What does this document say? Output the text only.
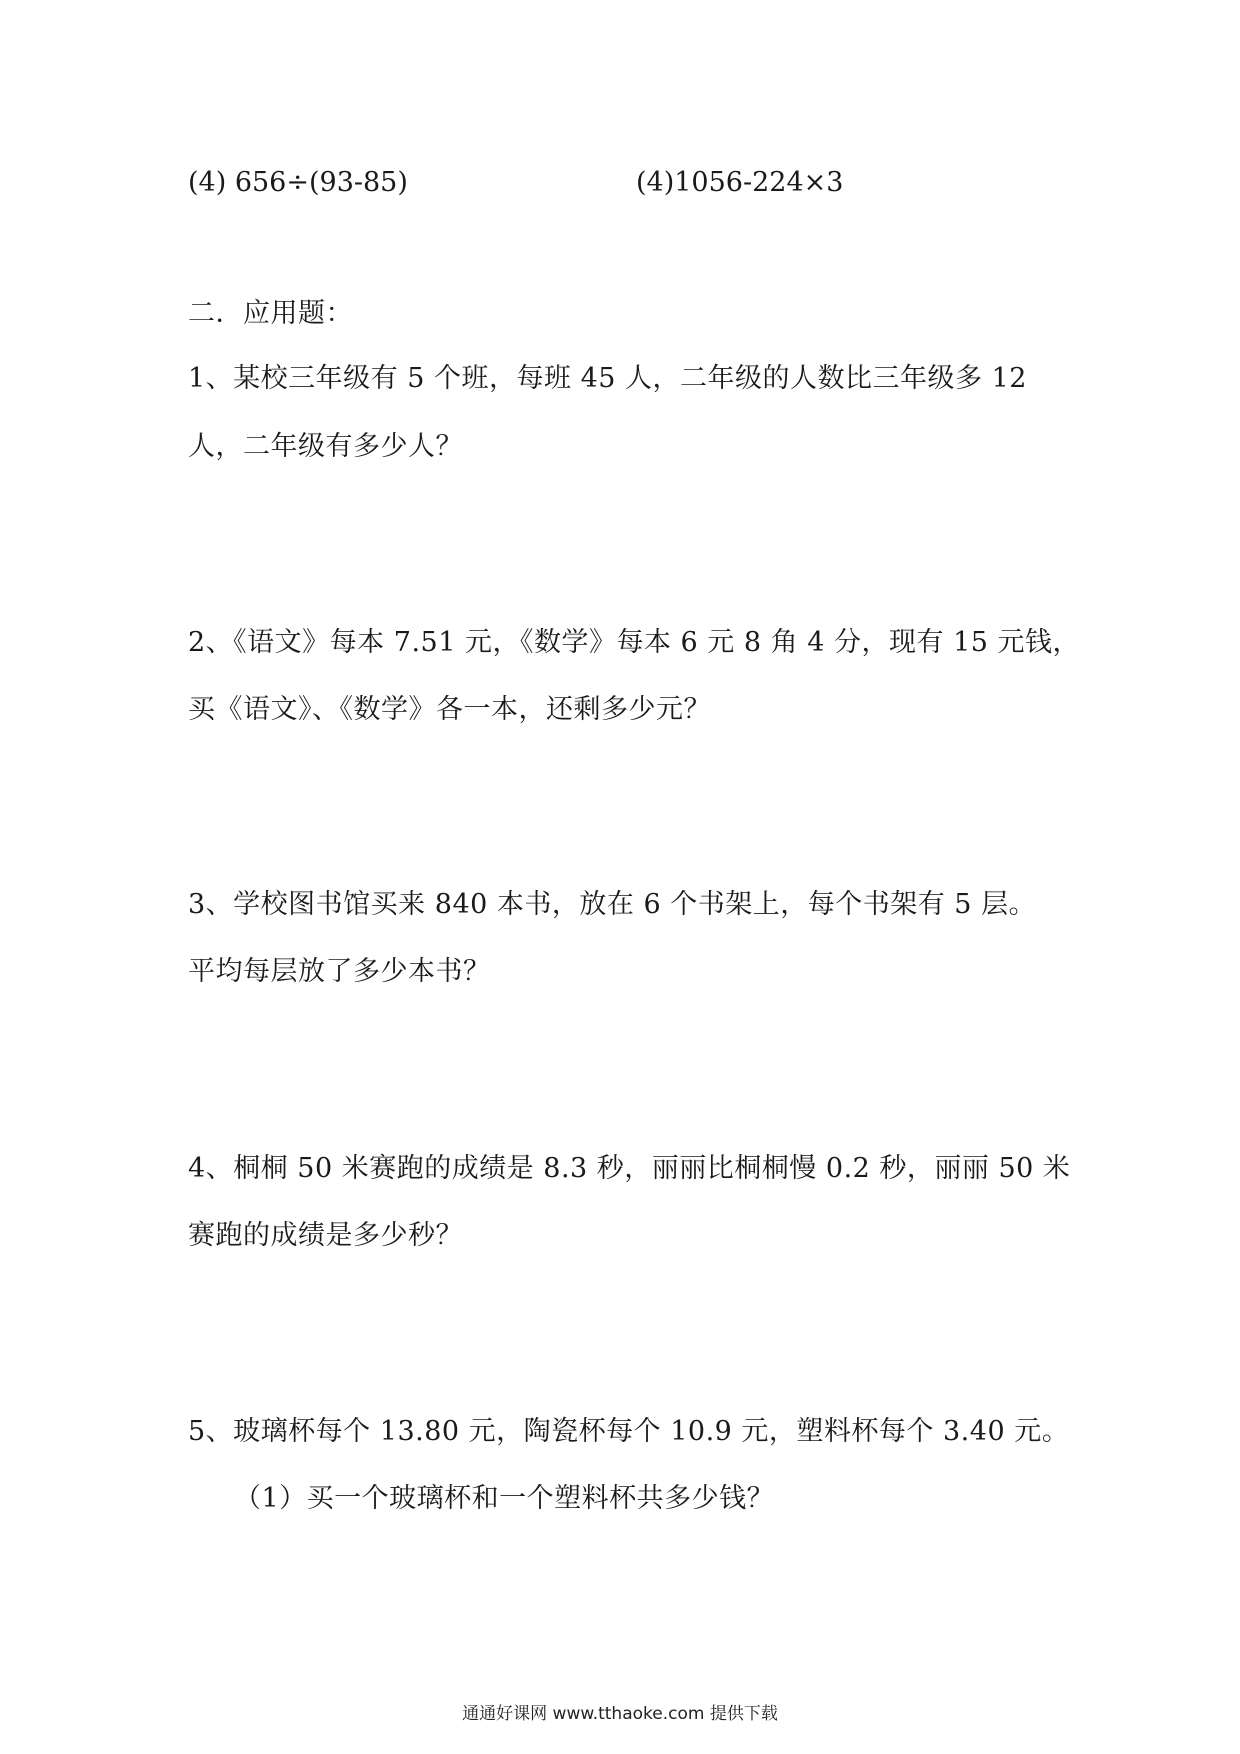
(4) 656÷(93-85)	(4)1056-224×3
二．应用题：
1、某校三年级有 5 个班，每班 45 人，二年级的人数比三年级多 12
人，二年级有多少人？
2、《语文》每本 7.51 元，《数学》每本 6 元 8 角 4 分，现有 15 元钱，
买《语文》、《数学》各一本，还剩多少元？
3、学校图书馆买来 840 本书，放在 6 个书架上，每个书架有 5 层。
平均每层放了多少本书？
4、桐桐 50 米赛跑的成绩是 8.3 秒，丽丽比桐桐慢 0.2 秒，丽丽 50 米
赛跑的成绩是多少秒？
5、玻璃杯每个 13.80 元，陶瓷杯每个 10.9 元，塑料杯每个 3.40 元。
（1）买一个玻璃杯和一个塑料杯共多少钱？
通通好课网 www.tthaoke.com 提供下载
